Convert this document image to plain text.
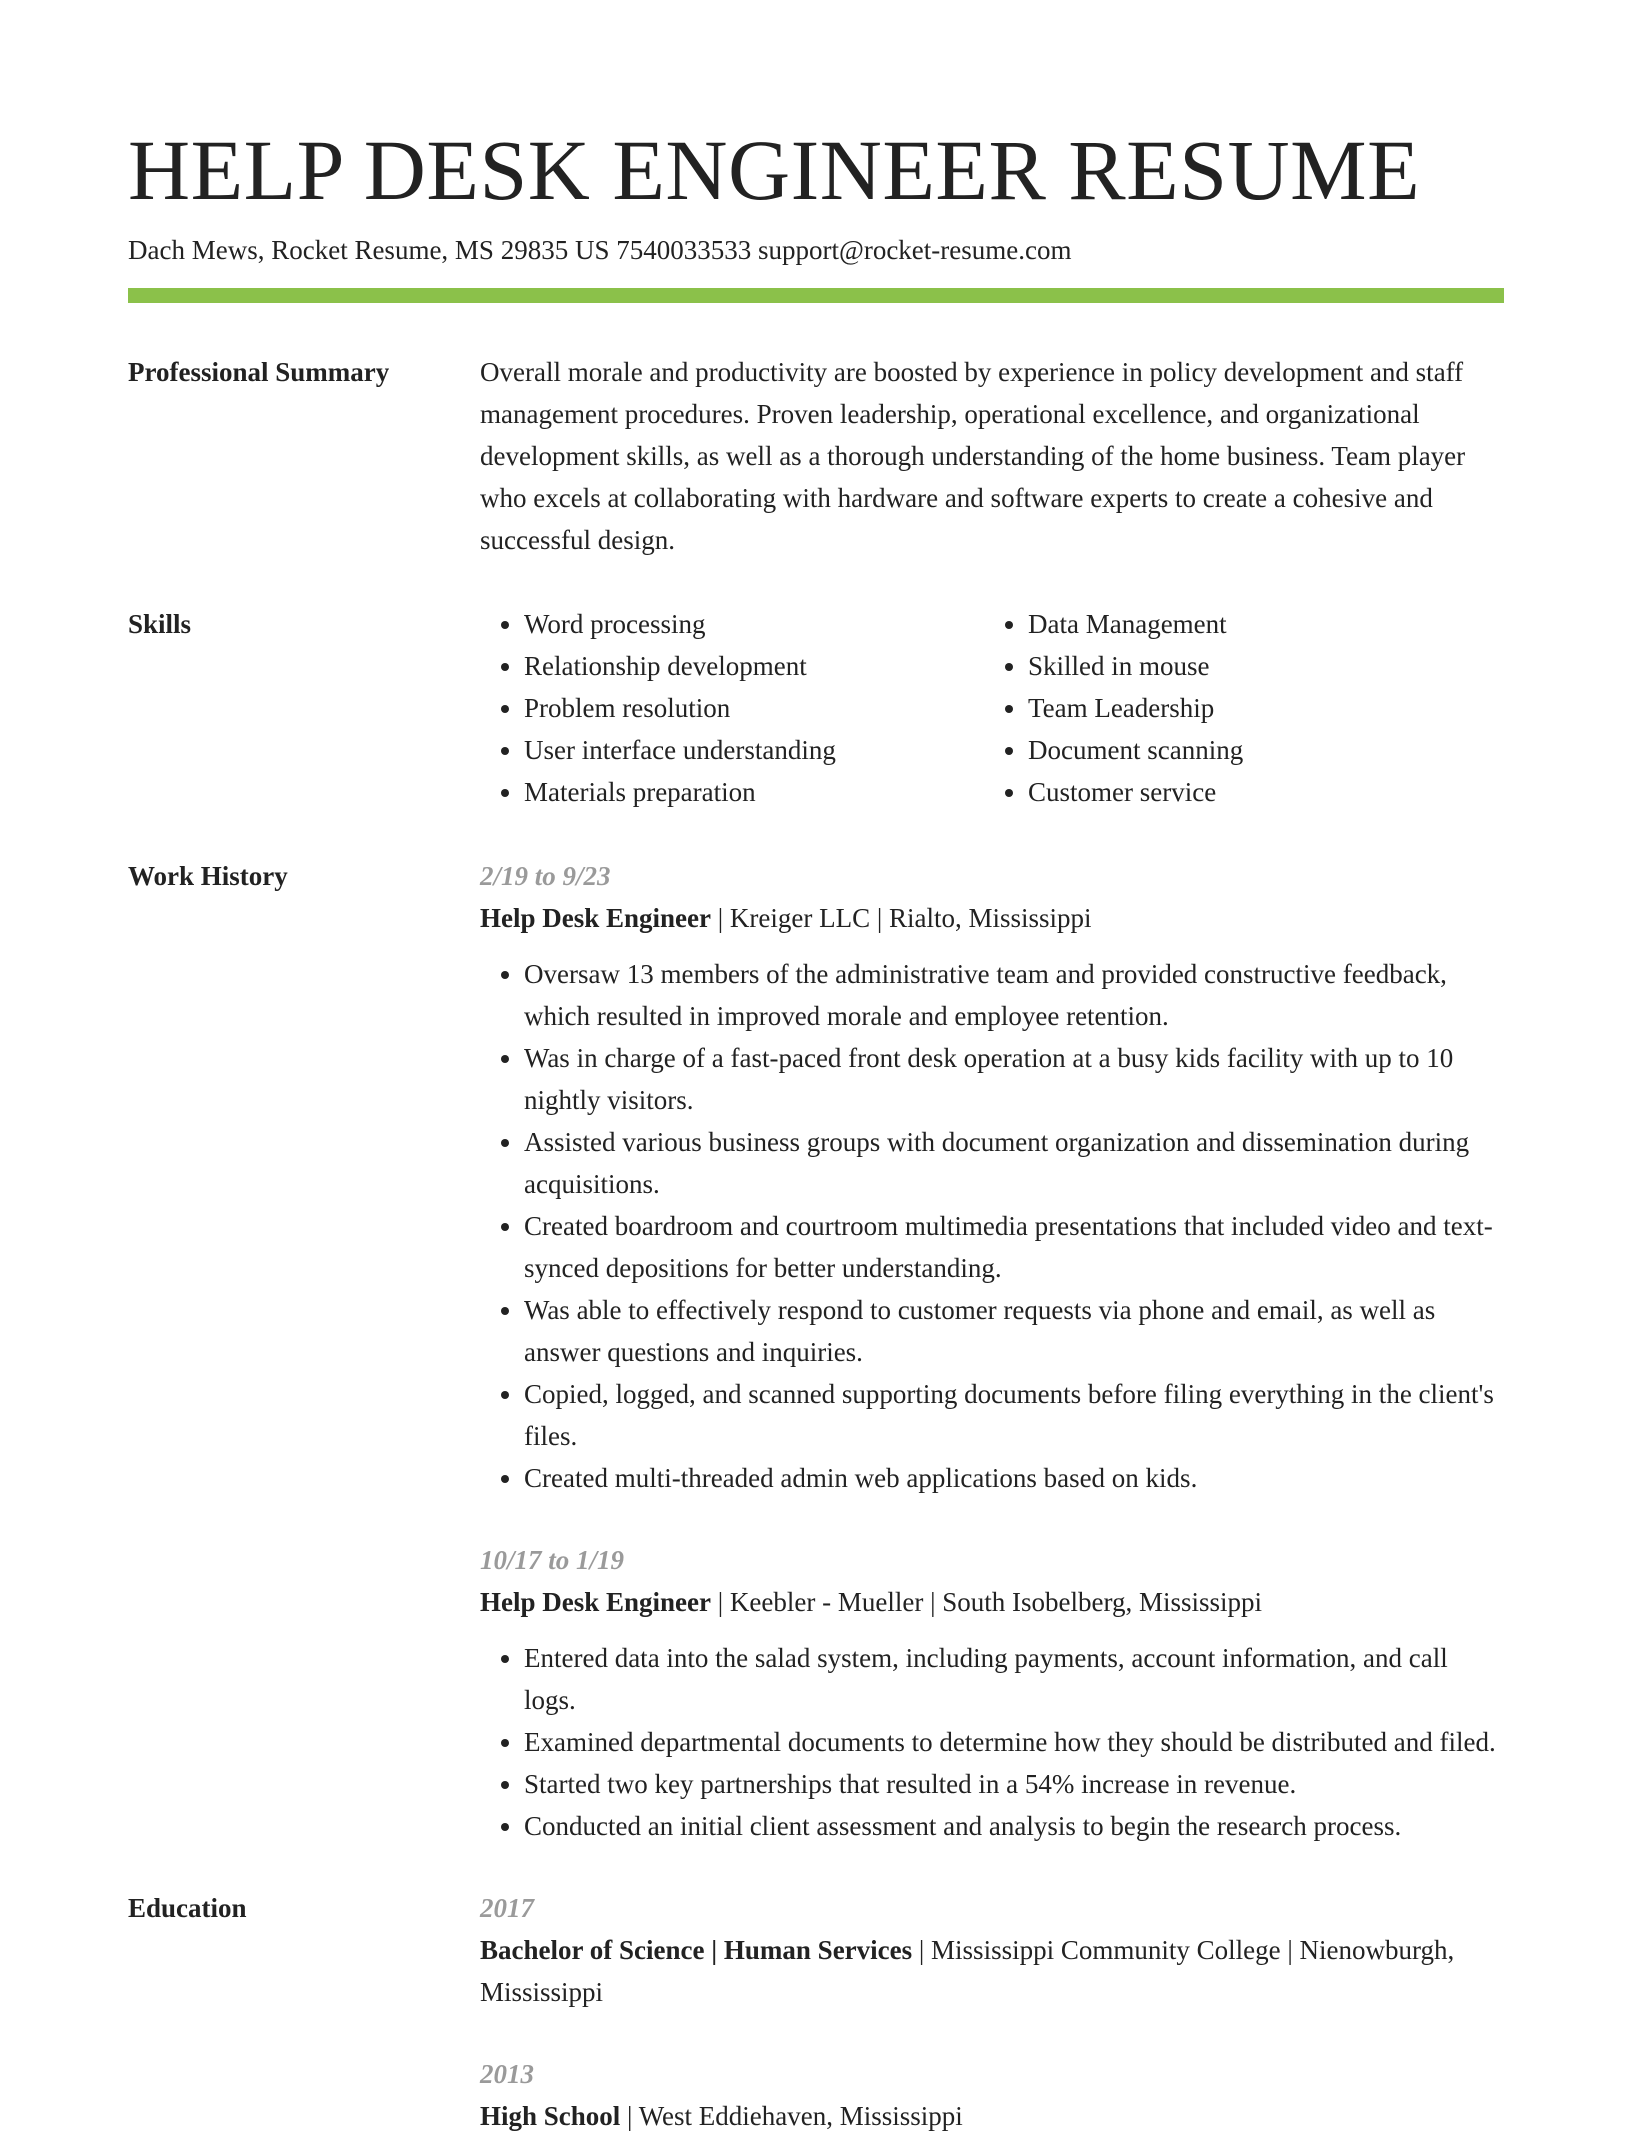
HELP DESK ENGINEER RESUME
Dach Mews, Rocket Resume, MS 29835 US 7540033533 support@rocket-resume.com
Professional Summary	Overall morale and productivity are boosted by experience in policy development and staff management procedures. Proven leadership, operational excellence, and organizational development skills, as well as a thorough understanding of the home business. Team player who excels at collaborating with hardware and software experts to create a cohesive and successful design.

Skills
•	Word processing
• Relationship development
• Problem resolution
• User interface understanding
• Materials preparation
• Data Management
• Skilled in mouse
• Team Leadership
• Document scanning
• Customer service
Work History	2/19 to 9/23
Help Desk Engineer | Kreiger LLC | Rialto, Mississippi
• Oversaw 13 members of the administrative team and provided constructive feedback, which resulted in improved morale and employee retention.
• Was in charge of a fast-paced front desk operation at a busy kids facility with up to 10 nightly visitors.
• Assisted various business groups with document organization and dissemination during acquisitions.
• Created boardroom and courtroom multimedia presentations that included video and text-synced depositions for better understanding.
• Was able to effectively respond to customer requests via phone and email, as well as answer questions and inquiries.
• Copied, logged, and scanned supporting documents before filing everything in the client's files.
• Created multi-threaded admin web applications based on kids.
10/17 to 1/19
Help Desk Engineer | Keebler - Mueller | South Isobelberg, Mississippi
• Entered data into the salad system, including payments, account information, and call logs.
• Examined departmental documents to determine how they should be distributed and filed.
• Started two key partnerships that resulted in a 54% increase in revenue.
• Conducted an initial client assessment and analysis to begin the research process.
Education	2017
Bachelor of Science | Human Services | Mississippi Community College | Nienowburgh, Mississippi
2013
High School | West Eddiehaven, Mississippi
